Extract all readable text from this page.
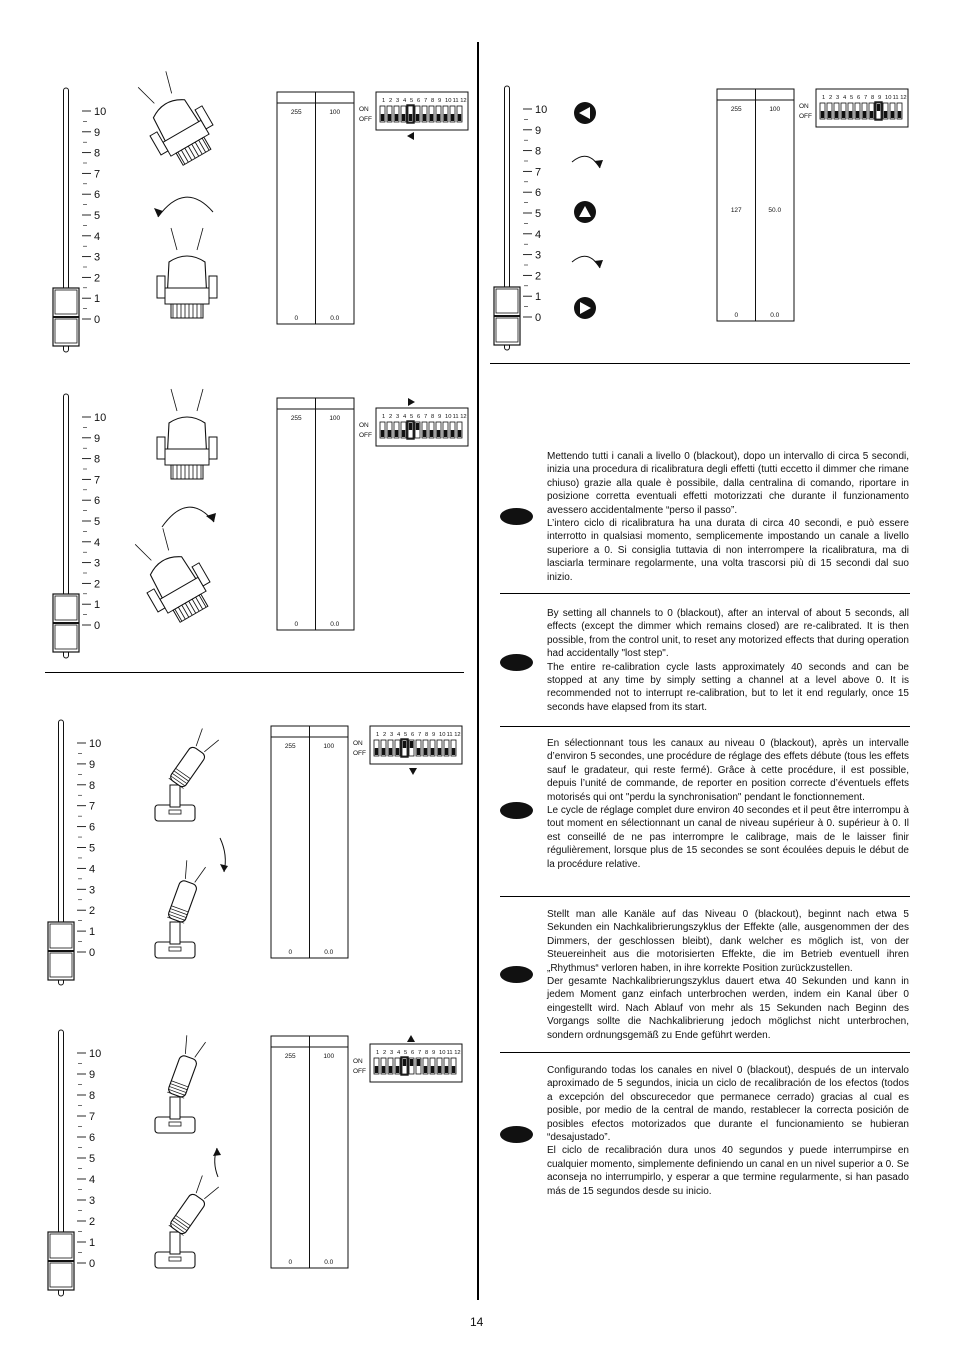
10
9
8
7
6
5
4
3
2
1
0
255	100
0	0.0
1 2 3 4 5 6 7 8 9 10 11 12
ON
OFF
10
9
8
7
6
5
4
3
2
1
0
255	100
0	0.0
1 2 3 4 5 6 7 8 9 10 11 12
ON
OFF
10
9
8
7
6
5
4
3
2
1
0
255	100
0	0.0
1 2 3 4 5 6 7 8 9 10 11 12
ON
OFF
10
9
8
7
6
5
4
3
2
1
0
255	100
0	0.0
1 2 3 4 5 6 7 8 9 10 11 12
ON
OFF
10
9
8
7
6
5
4
3
2
1
0
255	100
127	50.0
0	0.0
1 2 3 4 5 6 7 8 9 10 11 12
ON
OFF

Mettendo tutti i canali a livello 0 (blackout), dopo un intervallo di circa 5 secondi, inizia una procedura di ricalibratura degli effetti (tutti eccetto il dimmer che rimane chiuso) grazie alla quale è possibile, dalla centralina di comando, riportare in posizione corretta eventuali effetti motorizzati che durante il funzionamento avessero accidentalmente “perso il passo”.

L’intero ciclo di ricalibratura ha una durata di circa 40 secondi, e può essere interrotto in qualsiasi momento, semplicemente impostando un canale a livello superiore a 0. Si consiglia tuttavia di non interrompere la ricalibratura, ma di lasciarla terminare regolarmente, una volta trascorsi più di 15 secondi dal suo inizio.

By setting all channels to 0 (blackout), after an interval of about 5 seconds, all effects (except the dimmer which remains closed) are re-calibrated. It is then possible, from the control unit, to reset any motorized effects that during operation had accidentally "lost step".

The entire re-calibration cycle lasts approximately 40 seconds and can be stopped at any time by simply setting a channel at a level above 0. It is recommended not to interrupt re-calibration, but to let it end regularly, once 15 seconds have elapsed from its start.

En sélectionnant tous les canaux au niveau 0 (blackout), après un intervalle d’environ 5 secondes, une procédure de réglage des effets débute (tous les effets sauf le gradateur, qui reste fermé). Grâce à cette procédure, il est possible, depuis l’unité de commande, de reporter en position correcte d’éventuels effets motorisés qui ont "perdu la synchronisation" pendant le fonctionnement.

Le cycle de réglage complet dure environ 40 secondes et il peut être interrompu à tout moment en sélectionnant un canal de niveau supérieur à 0. supérieur à 0. Il est conseillé de ne pas interrompre le calibrage, mais de le laisser finir régulièrement, lorsque plus de 15 secondes se sont écoulées depuis le début de la procédure relative.

Stellt man alle Kanäle auf das Niveau 0 (blackout), beginnt nach etwa 5 Sekunden ein Nachkalibrierungszyklus der Effekte (alle, ausgenommen der des Dimmers, der geschlossen bleibt), dank welcher es möglich ist, von der Steuereinheit aus die motorisierten Effekte, die im Betrieb eventuell ihren „Rhythmus“ verloren haben, in ihre korrekte Position zurückzustellen.

Der gesamte Nachkalibrierungszyklus dauert etwa 40 Sekunden und kann in jedem Moment ganz einfach unterbrochen werden, indem ein Kanal über 0 eingestellt wird. Nach Ablauf von mehr als 15 Sekunden nach Beginn des Vorgangs sollte die Nachkalibrierung jedoch möglichst nicht unterbrochen, sondern ordnungsgemäß zu Ende geführt werden.

Configurando todas los canales en nivel 0 (blackout), después de un intervalo aproximado de 5 segundos, inicia un ciclo de recalibración de los efectos (todos a excepción del obscurecedor que permanece cerrado) gracias al cual es posible, por medio de la central de mando, restablecer la correcta posición de posibles efectos motorizados que durante el funcionamiento se hubieran “desajustado”.

El ciclo de recalibración dura unos 40 segundos y puede interrumpirse en cualquier momento, simplemente definiendo un canal en un nivel superior a 0. Se aconseja no interrumpirlo, y esperar a que termine regularmente, si han pasado más de 15 segundos desde su inicio.

14
